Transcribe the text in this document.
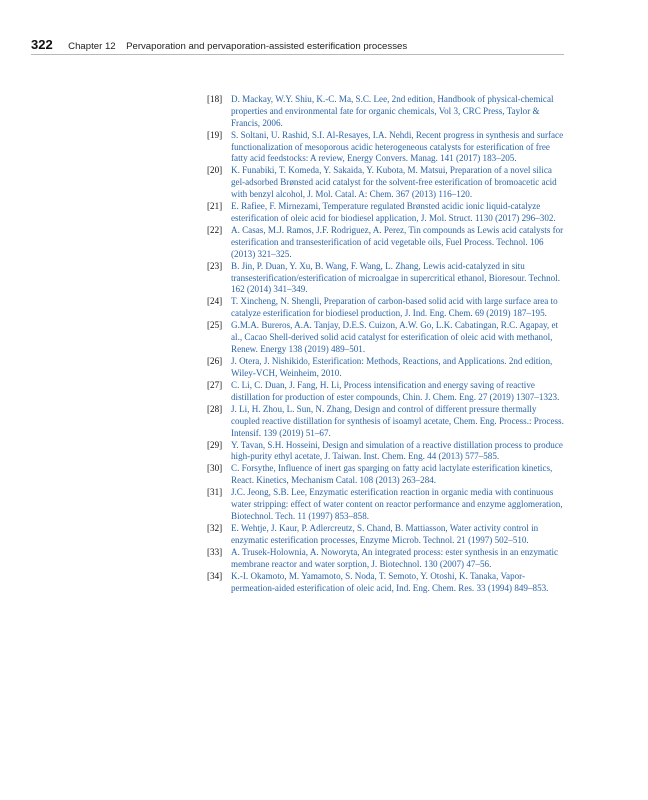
322 Chapter 12 Pervaporation and pervaporation-assisted esterification processes
[18] D. Mackay, W.Y. Shiu, K.-C. Ma, S.C. Lee, 2nd edition, Handbook of physical-chemical properties and environmental fate for organic chemicals, Vol 3, CRC Press, Taylor & Francis, 2006.
[19] S. Soltani, U. Rashid, S.I. Al-Resayes, I.A. Nehdi, Recent progress in synthesis and surface functionalization of mesoporous acidic heterogeneous catalysts for esterification of free fatty acid feedstocks: A review, Energy Convers. Manag. 141 (2017) 183–205.
[20] K. Funabiki, T. Komeda, Y. Sakaida, Y. Kubota, M. Matsui, Preparation of a novel silica gel-adsorbed Brønsted acid catalyst for the solvent-free esterification of bromoacetic acid with benzyl alcohol, J. Mol. Catal. A: Chem. 367 (2013) 116–120.
[21] E. Rafiee, F. Mirnezami, Temperature regulated Brønsted acidic ionic liquid-catalyze esterification of oleic acid for biodiesel application, J. Mol. Struct. 1130 (2017) 296–302.
[22] A. Casas, M.J. Ramos, J.F. Rodriguez, A. Perez, Tin compounds as Lewis acid catalysts for esterification and transesterification of acid vegetable oils, Fuel Process. Technol. 106 (2013) 321–325.
[23] B. Jin, P. Duan, Y. Xu, B. Wang, F. Wang, L. Zhang, Lewis acid-catalyzed in situ transesterification/esterification of microalgae in supercritical ethanol, Bioresour. Technol. 162 (2014) 341–349.
[24] T. Xincheng, N. Shengli, Preparation of carbon-based solid acid with large surface area to catalyze esterification for biodiesel production, J. Ind. Eng. Chem. 69 (2019) 187–195.
[25] G.M.A. Bureros, A.A. Tanjay, D.E.S. Cuizon, A.W. Go, L.K. Cabatingan, R.C. Agapay, et al., Cacao Shell-derived solid acid catalyst for esterification of oleic acid with methanol, Renew. Energy 138 (2019) 489–501.
[26] J. Otera, J. Nishikido, Esterification: Methods, Reactions, and Applications. 2nd edition, Wiley-VCH, Weinheim, 2010.
[27] C. Li, C. Duan, J. Fang, H. Li, Process intensification and energy saving of reactive distillation for production of ester compounds, Chin. J. Chem. Eng. 27 (2019) 1307–1323.
[28] J. Li, H. Zhou, L. Sun, N. Zhang, Design and control of different pressure thermally coupled reactive distillation for synthesis of isoamyl acetate, Chem. Eng. Process.: Process. Intensif. 139 (2019) 51–67.
[29] Y. Tavan, S.H. Hosseini, Design and simulation of a reactive distillation process to produce high-purity ethyl acetate, J. Taiwan. Inst. Chem. Eng. 44 (2013) 577–585.
[30] C. Forsythe, Influence of inert gas sparging on fatty acid lactylate esterification kinetics, React. Kinetics, Mechanism Catal. 108 (2013) 263–284.
[31] J.C. Jeong, S.B. Lee, Enzymatic esterification reaction in organic media with continuous water stripping: effect of water content on reactor performance and enzyme agglomeration, Biotechnol. Tech. 11 (1997) 853–858.
[32] E. Wehtje, J. Kaur, P. Adlercreutz, S. Chand, B. Mattiasson, Water activity control in enzymatic esterification processes, Enzyme Microb. Technol. 21 (1997) 502–510.
[33] A. Trusek-Holownia, A. Noworyta, An integrated process: ester synthesis in an enzymatic membrane reactor and water sorption, J. Biotechnol. 130 (2007) 47–56.
[34] K.-I. Okamoto, M. Yamamoto, S. Noda, T. Semoto, Y. Otoshi, K. Tanaka, Vapor-permeation-aided esterification of oleic acid, Ind. Eng. Chem. Res. 33 (1994) 849–853.
